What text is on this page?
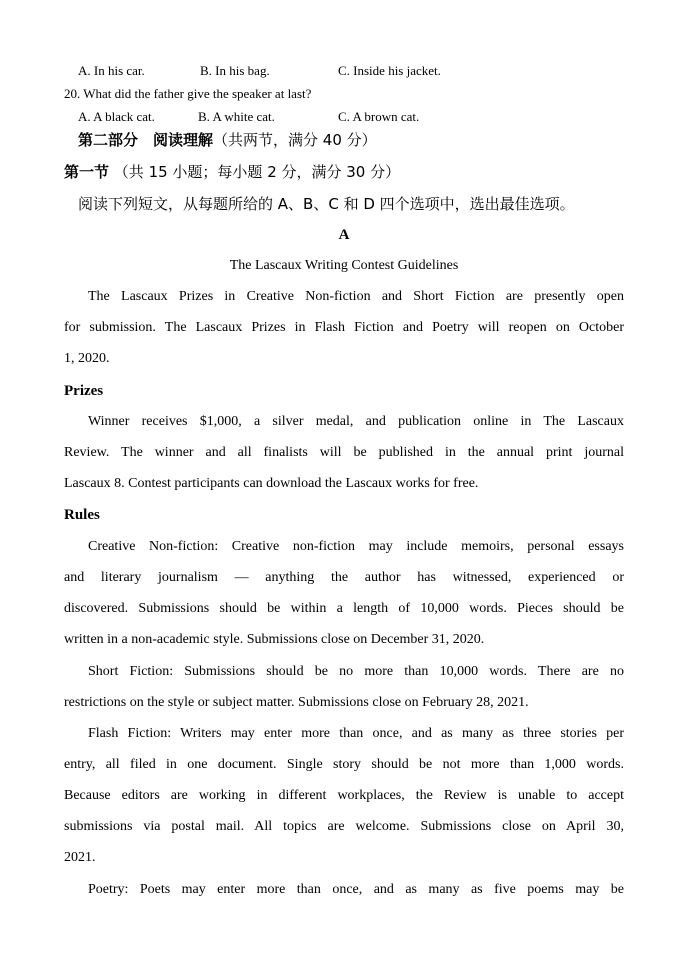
A. In his car.	B. In his bag.	C. Inside his jacket.
20. What did the father give the speaker at last?
A. A black cat.	B. A white cat.	C. A brown cat.
第二部分　阅读理解（共两节，满分 40 分）
第一节 （共 15 小题；每小题 2 分，满分 30 分）
阅读下列短文，从每题所给的 A、B、C 和 D 四个选项中，选出最佳选项。
A
The Lascaux Writing Contest Guidelines
The Lascaux Prizes in Creative Non-fiction and Short Fiction are presently open
for submission. The Lascaux Prizes in Flash Fiction and Poetry will reopen on October
1, 2020.
Prizes
Winner receives $1,000, a silver medal, and publication online in The Lascaux
Review. The winner and all finalists will be published in the annual print journal
Lascaux 8. Contest participants can download the Lascaux works for free.
Rules
Creative Non-fiction: Creative non-fiction may include memoirs, personal essays
and literary journalism — anything the author has witnessed, experienced or
discovered. Submissions should be within a length of 10,000 words. Pieces should be
written in a non-academic style. Submissions close on December 31, 2020.
Short Fiction: Submissions should be no more than 10,000 words. There are no
restrictions on the style or subject matter. Submissions close on February 28, 2021.
Flash Fiction: Writers may enter more than once, and as many as three stories per
entry, all filed in one document. Single story should be not more than 1,000 words.
Because editors are working in different workplaces, the Review is unable to accept
submissions via postal mail. All topics are welcome. Submissions close on April 30,
2021.
Poetry: Poets may enter more than once, and as many as five poems may be
